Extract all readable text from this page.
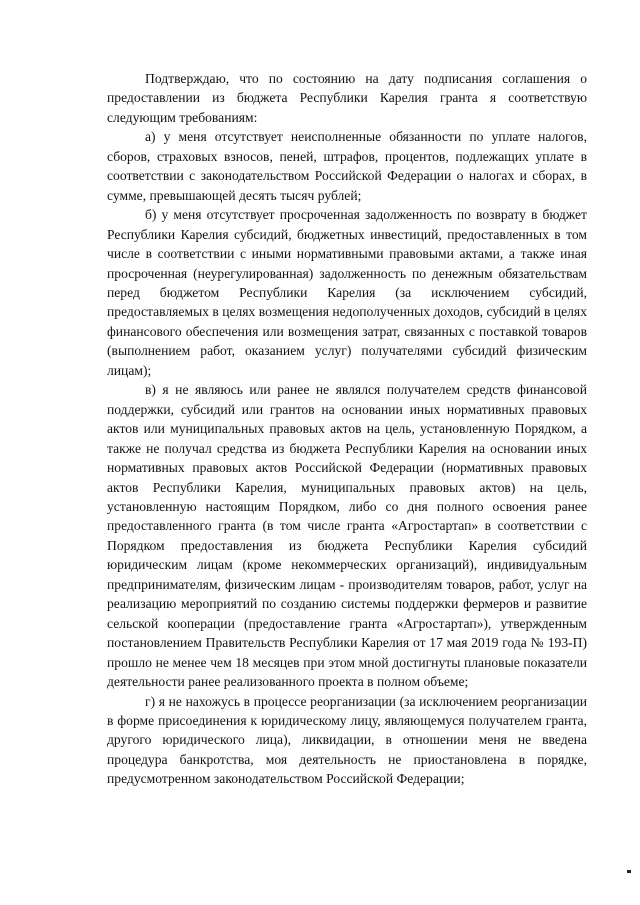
Подтверждаю, что по состоянию на дату подписания соглашения о предоставлении из бюджета Республики Карелия гранта я соответствую следующим требованиям:

а) у меня отсутствует неисполненные обязанности по уплате налогов, сборов, страховых взносов, пеней, штрафов, процентов, подлежащих уплате в соответствии с законодательством Российской Федерации о налогах и сборах, в сумме, превышающей десять тысяч рублей;

б) у меня отсутствует просроченная задолженность по возврату в бюджет Республики Карелия субсидий, бюджетных инвестиций, предоставленных в том числе в соответствии с иными нормативными правовыми актами, а также иная просроченная (неурегулированная) задолженность по денежным обязательствам перед бюджетом Республики Карелия (за исключением субсидий, предоставляемых в целях возмещения недополученных доходов, субсидий в целях финансового обеспечения или возмещения затрат, связанных с поставкой товаров (выполнением работ, оказанием услуг) получателями субсидий физическим лицам);

в) я не являюсь или ранее не являлся получателем средств финансовой поддержки, субсидий или грантов на основании иных нормативных правовых актов или муниципальных правовых актов на цель, установленную Порядком, а также не получал средства из бюджета Республики Карелия на основании иных нормативных правовых актов Российской Федерации (нормативных правовых актов Республики Карелия, муниципальных правовых актов) на цель, установленную настоящим Порядком, либо со дня полного освоения ранее предоставленного гранта (в том числе гранта «Агростартап» в соответствии с Порядком предоставления из бюджета Республики Карелия субсидий юридическим лицам (кроме некоммерческих организаций), индивидуальным предпринимателям, физическим лицам - производителям товаров, работ, услуг на реализацию мероприятий по созданию системы поддержки фермеров и развитие сельской кооперации (предоставление гранта «Агростартап»), утвержденным постановлением Правительств Республики Карелия от 17 мая 2019 года № 193-П) прошло не менее чем 18 месяцев при этом мной достигнуты плановые показатели деятельности ранее реализованного проекта в полном объеме;

г) я не нахожусь в процессе реорганизации (за исключением реорганизации в форме присоединения к юридическому лицу, являющемуся получателем гранта, другого юридического лица), ликвидации, в отношении меня не введена процедура банкротства, моя деятельность не приостановлена в порядке, предусмотренном законодательством Российской Федерации;
